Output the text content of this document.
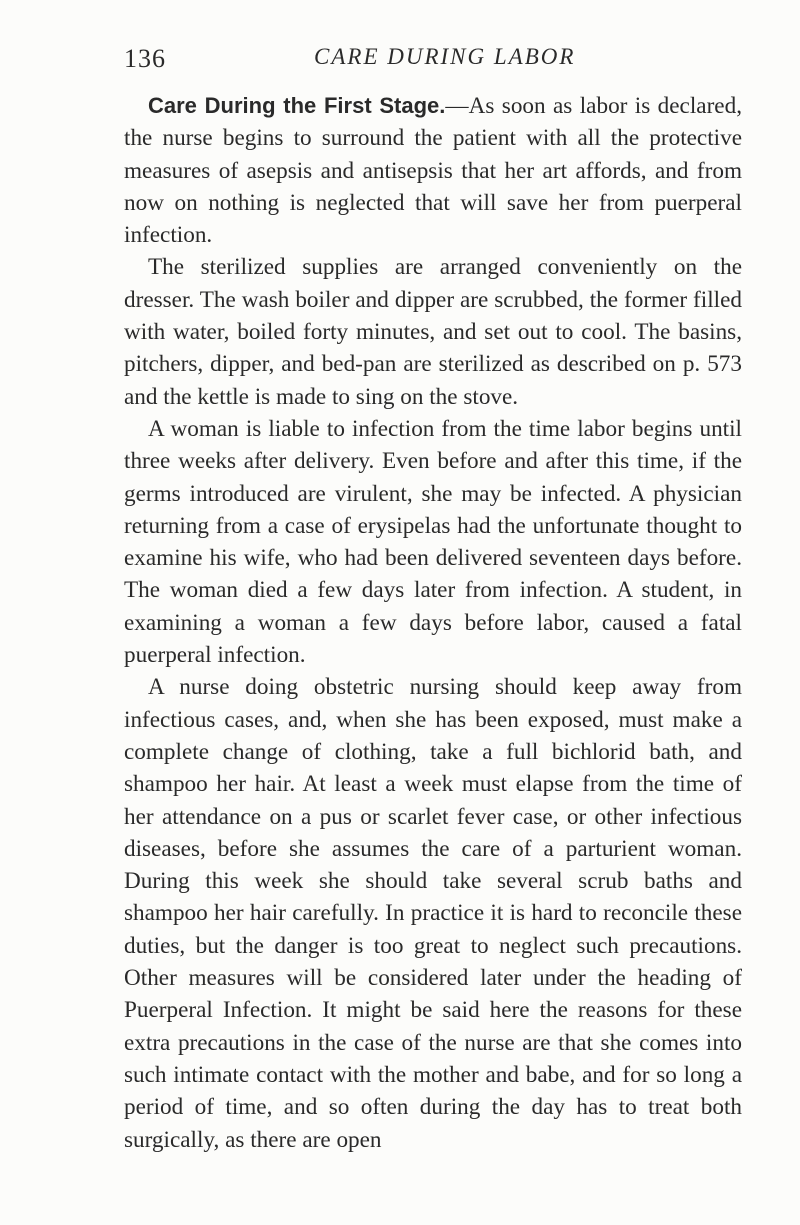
136	CARE DURING LABOR

Care During the First Stage.—As soon as labor is declared, the nurse begins to surround the patient with all the protective measures of asepsis and antisepsis that her art affords, and from now on nothing is neglected that will save her from puerperal infection.

The sterilized supplies are arranged conveniently on the dresser. The wash boiler and dipper are scrubbed, the former filled with water, boiled forty minutes, and set out to cool. The basins, pitchers, dipper, and bed-pan are sterilized as described on p. 573 and the kettle is made to sing on the stove.

A woman is liable to infection from the time labor begins until three weeks after delivery. Even before and after this time, if the germs introduced are virulent, she may be infected. A physician returning from a case of erysipelas had the unfortunate thought to examine his wife, who had been delivered seventeen days before. The woman died a few days later from infection. A student, in examining a woman a few days before labor, caused a fatal puerperal infection.

A nurse doing obstetric nursing should keep away from infectious cases, and, when she has been exposed, must make a complete change of clothing, take a full bichlorid bath, and shampoo her hair. At least a week must elapse from the time of her attendance on a pus or scarlet fever case, or other infectious diseases, before she assumes the care of a parturient woman. During this week she should take several scrub baths and shampoo her hair carefully. In practice it is hard to reconcile these duties, but the danger is too great to neglect such precautions. Other measures will be considered later under the heading of Puerperal Infection. It might be said here the reasons for these extra precautions in the case of the nurse are that she comes into such intimate contact with the mother and babe, and for so long a period of time, and so often during the day has to treat both surgically, as there are open
